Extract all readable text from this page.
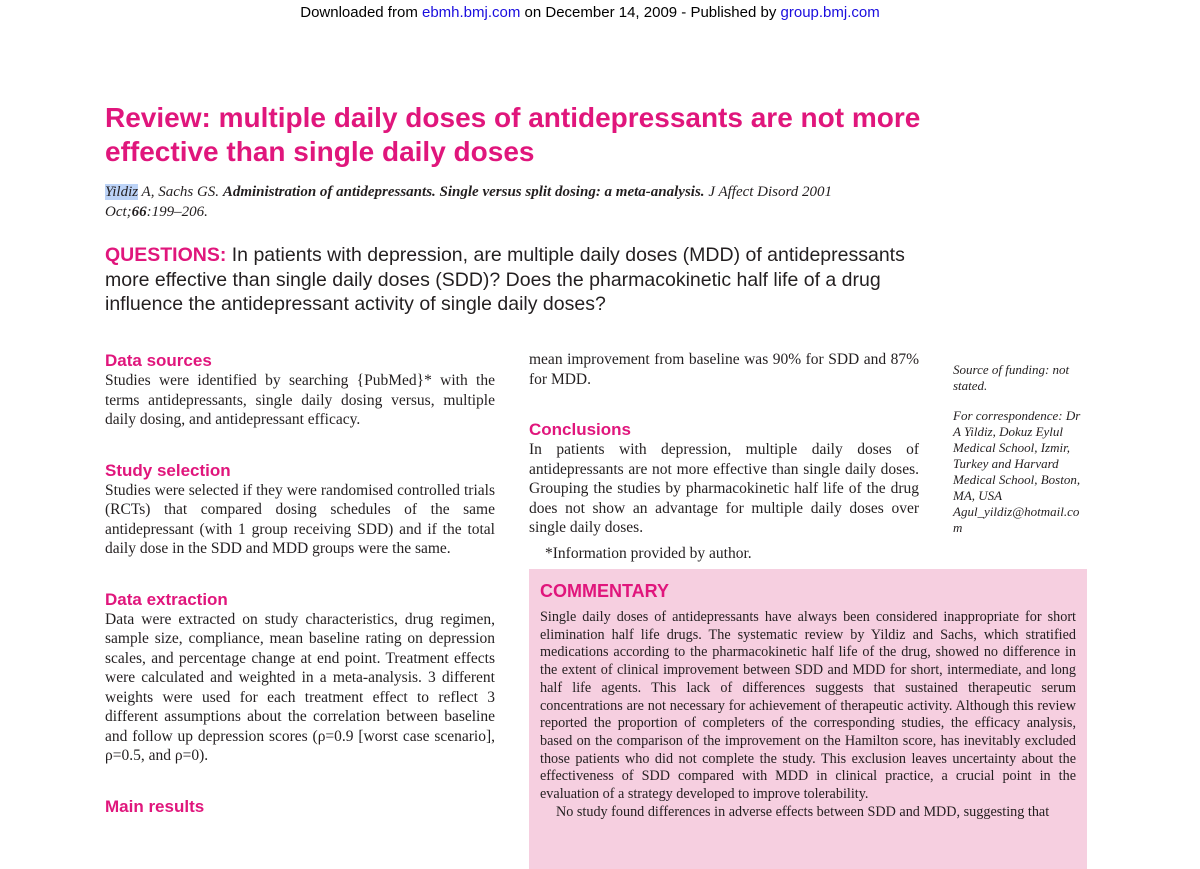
Downloaded from ebmh.bmj.com on December 14, 2009 - Published by group.bmj.com
Review: multiple daily doses of antidepressants are not more effective than single daily doses
Yildiz A, Sachs GS. Administration of antidepressants. Single versus split dosing: a meta-analysis. J Affect Disord 2001 Oct;66:199–206.
QUESTIONS: In patients with depression, are multiple daily doses (MDD) of antidepressants more effective than single daily doses (SDD)? Does the pharmacokinetic half life of a drug influence the antidepressant activity of single daily doses?
Data sources

Studies were identified by searching {PubMed}* with the terms antidepressants, single daily dosing versus, multiple daily dosing, and antidepressant efficacy.

Study selection

Studies were selected if they were randomised controlled trials (RCTs) that compared dosing schedules of the same antidepressant (with 1 group receiving SDD) and if the total daily dose in the SDD and MDD groups were the same.

Data extraction

Data were extracted on study characteristics, drug regimen, sample size, compliance, mean baseline rating on depression scales, and percentage change at end point. Treatment effects were calculated and weighted in a meta-analysis. 3 different weights were used for each treatment effect to reflect 3 different assumptions about the correlation between baseline and follow up depression scores (ρ=0.9 [worst case scenario], ρ=0.5, and ρ=0).

Main results

mean improvement from baseline was 90% for SDD and 87% for MDD.

Conclusions

In patients with depression, multiple daily doses of antidepressants are not more effective than single daily doses. Grouping the studies by pharmacokinetic half life of the drug does not show an advantage for multiple daily doses over single daily doses.

*Information provided by author.

Source of funding: not stated.
For correspondence: Dr A Yildiz, Dokuz Eylul Medical School, Izmir, Turkey and Harvard Medical School, Boston, MA, USA
Agul_yildiz@hotmail.com
COMMENTARY

Single daily doses of antidepressants have always been considered inappropriate for short elimination half life drugs. The systematic review by Yildiz and Sachs, which stratified medications according to the pharmacokinetic half life of the drug, showed no difference in the extent of clinical improvement between SDD and MDD for short, intermediate, and long half life agents. This lack of differences suggests that sustained therapeutic serum concentrations are not necessary for achievement of therapeutic activity. Although this review reported the proportion of completers of the corresponding studies, the efficacy analysis, based on the comparison of the improvement on the Hamilton score, has inevitably excluded those patients who did not complete the study. This exclusion leaves uncertainty about the effectiveness of SDD compared with MDD in clinical practice, a crucial point in the evaluation of a strategy developed to improve tolerability.

No study found differences in adverse effects between SDD and MDD, suggesting that
